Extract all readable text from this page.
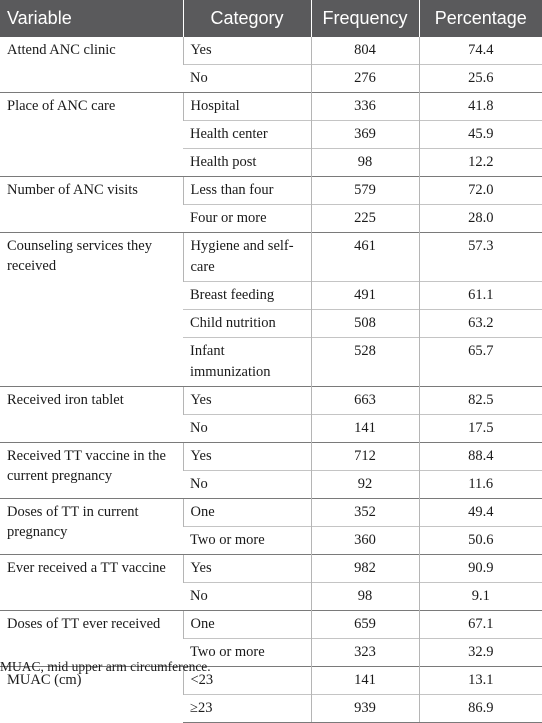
Variable	Category	Frequency	Percentage
Attend ANC clinic	Yes	804	74.4
	No	276	25.6
Place of ANC care	Hospital	336	41.8
	Health center	369	45.9
	Health post	98	12.2
Number of ANC visits	Less than four	579	72.0
	Four or more	225	28.0
Counseling services they received	Hygiene and self-care	461	57.3
	Breast feeding	491	61.1
	Child nutrition	508	63.2
	Infant immunization	528	65.7
Received iron tablet	Yes	663	82.5
	No	141	17.5
Received TT vaccine in the current pregnancy	Yes	712	88.4
	No	92	11.6
Doses of TT in current pregnancy	One	352	49.4
	Two or more	360	50.6
Ever received a TT vaccine	Yes	982	90.9
	No	98	9.1
Doses of TT ever received	One	659	67.1
	Two or more	323	32.9
MUAC (cm)	<23	141	13.1
	≥23	939	86.9
MUAC, mid upper arm circumference.
